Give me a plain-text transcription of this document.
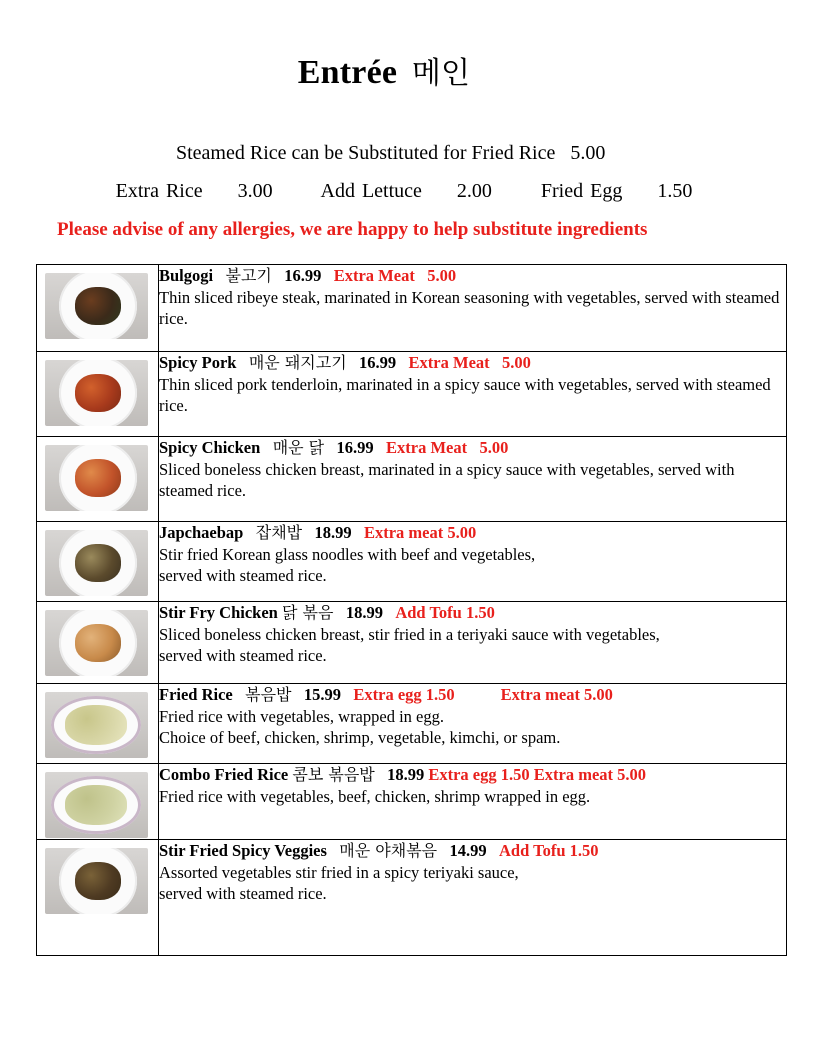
Entrée 메인
Steamed Rice can be Substituted for Fried Rice   5.00
Extra Rice     3.00       Add Lettuce     2.00       Fried Egg     1.50
Please advise of any allergies, we are happy to help substitute ingredients

	Bulgogi 불고기 16.99 Extra Meat   5.00
Thin sliced ribeye steak, marinated in Korean seasoning with vegetables, served with steamed rice.

	Spicy Pork 매운 돼지고기 16.99 Extra Meat   5.00
Thin sliced pork tenderloin, marinated in a spicy sauce with vegetables, served with steamed rice.

	Spicy Chicken 매운 닭 16.99 Extra Meat   5.00
Sliced boneless chicken breast, marinated in a spicy sauce with vegetables, served with steamed rice.

	Japchaebap 잡채밥 18.99 Extra meat 5.00
Stir fried Korean glass noodles with beef and vegetables,
served with steamed rice.

	Stir Fry Chicken 닭 볶음 18.99 Add Tofu 1.50
Sliced boneless chicken breast, stir fried in a teriyaki sauce with vegetables,
served with steamed rice.

	Fried Rice 볶음밥 15.99 Extra egg 1.50 Extra meat 5.00
Fried rice with vegetables, wrapped in egg.
Choice of beef, chicken, shrimp, vegetable, kimchi, or spam.

	Combo Fried Rice 콤보 볶음밥 18.99 Extra egg 1.50 Extra meat 5.00
Fried rice with vegetables, beef, chicken, shrimp wrapped in egg.

	Stir Fried Spicy Veggies 매운 야채볶음 14.99 Add Tofu 1.50
Assorted vegetables stir fried in a spicy teriyaki sauce,
served with steamed rice.
